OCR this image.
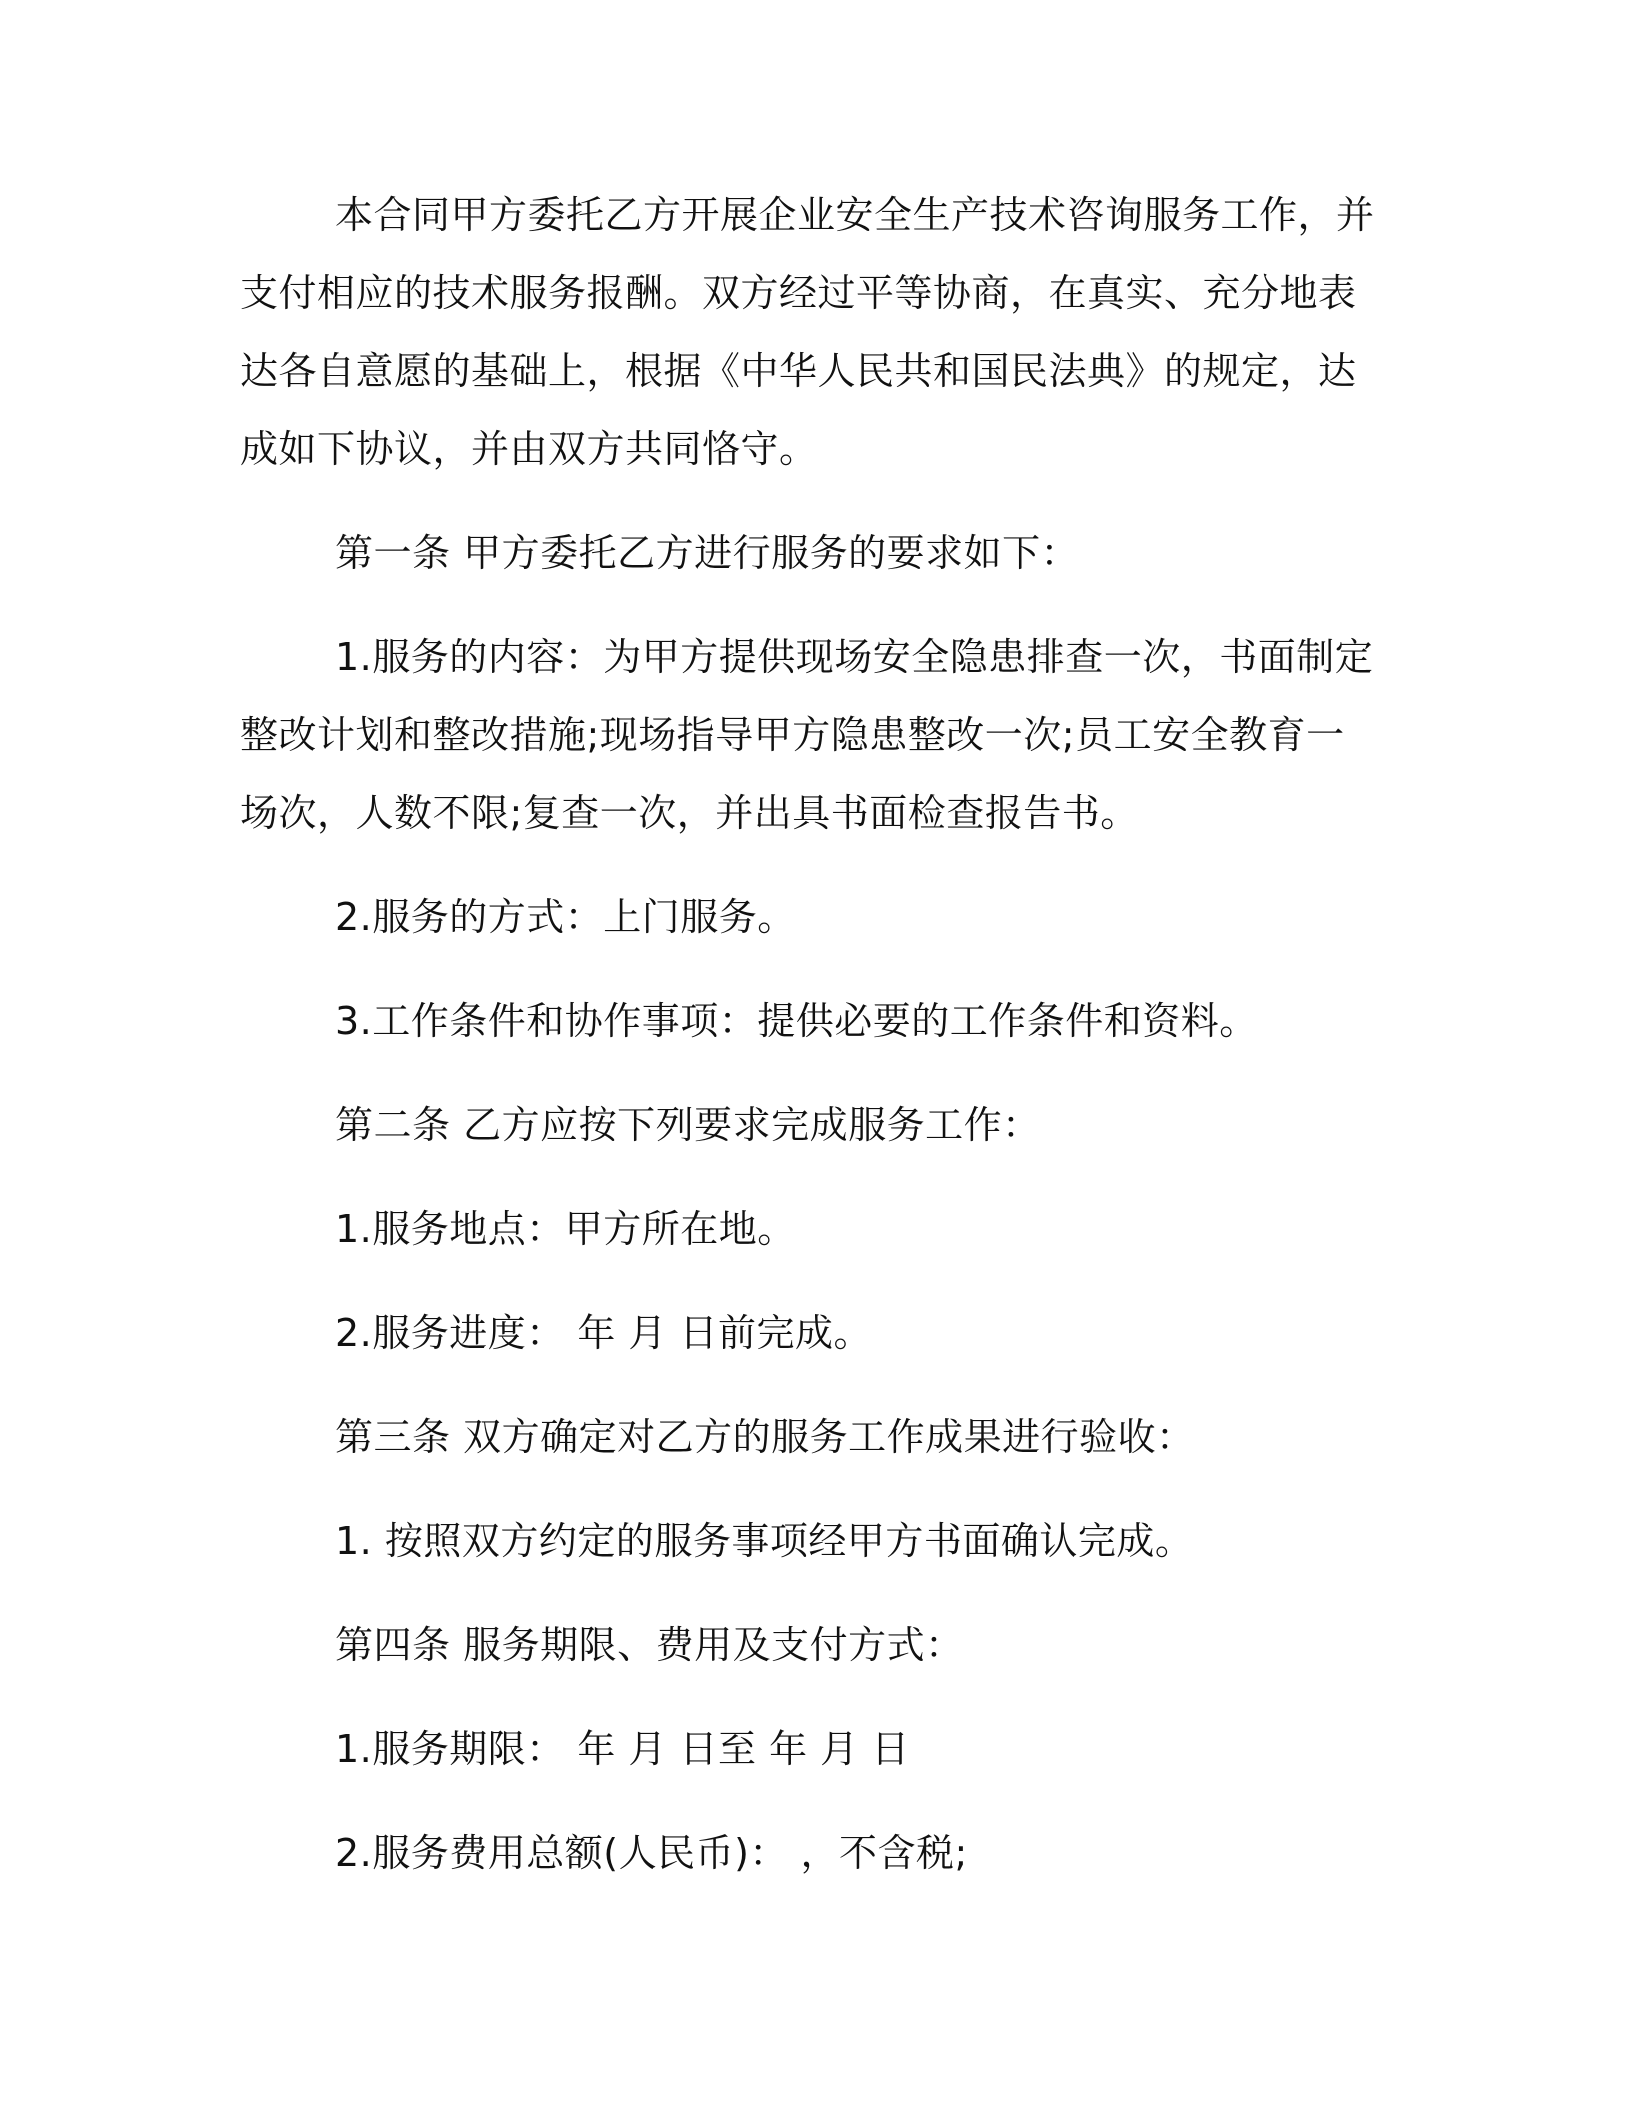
本合同甲方委托乙方开展企业安全生产技术咨询服务工作，并支付相应的技术服务报酬。双方经过平等协商，在真实、充分地表达各自意愿的基础上，根据《中华人民共和国民法典》的规定，达成如下协议，并由双方共同恪守。

第一条 甲方委托乙方进行服务的要求如下：

1.服务的内容：为甲方提供现场安全隐患排查一次，书面制定整改计划和整改措施;现场指导甲方隐患整改一次;员工安全教育一场次，人数不限;复查一次，并出具书面检查报告书。

2.服务的方式：上门服务。

3.工作条件和协作事项：提供必要的工作条件和资料。

第二条 乙方应按下列要求完成服务工作：

1.服务地点：甲方所在地。

2.服务进度： 年 月 日前完成。

第三条 双方确定对乙方的服务工作成果进行验收：

1. 按照双方约定的服务事项经甲方书面确认完成。

第四条 服务期限、费用及支付方式：

1.服务期限： 年 月 日至 年 月 日

2.服务费用总额(人民币)： ，不含税;
